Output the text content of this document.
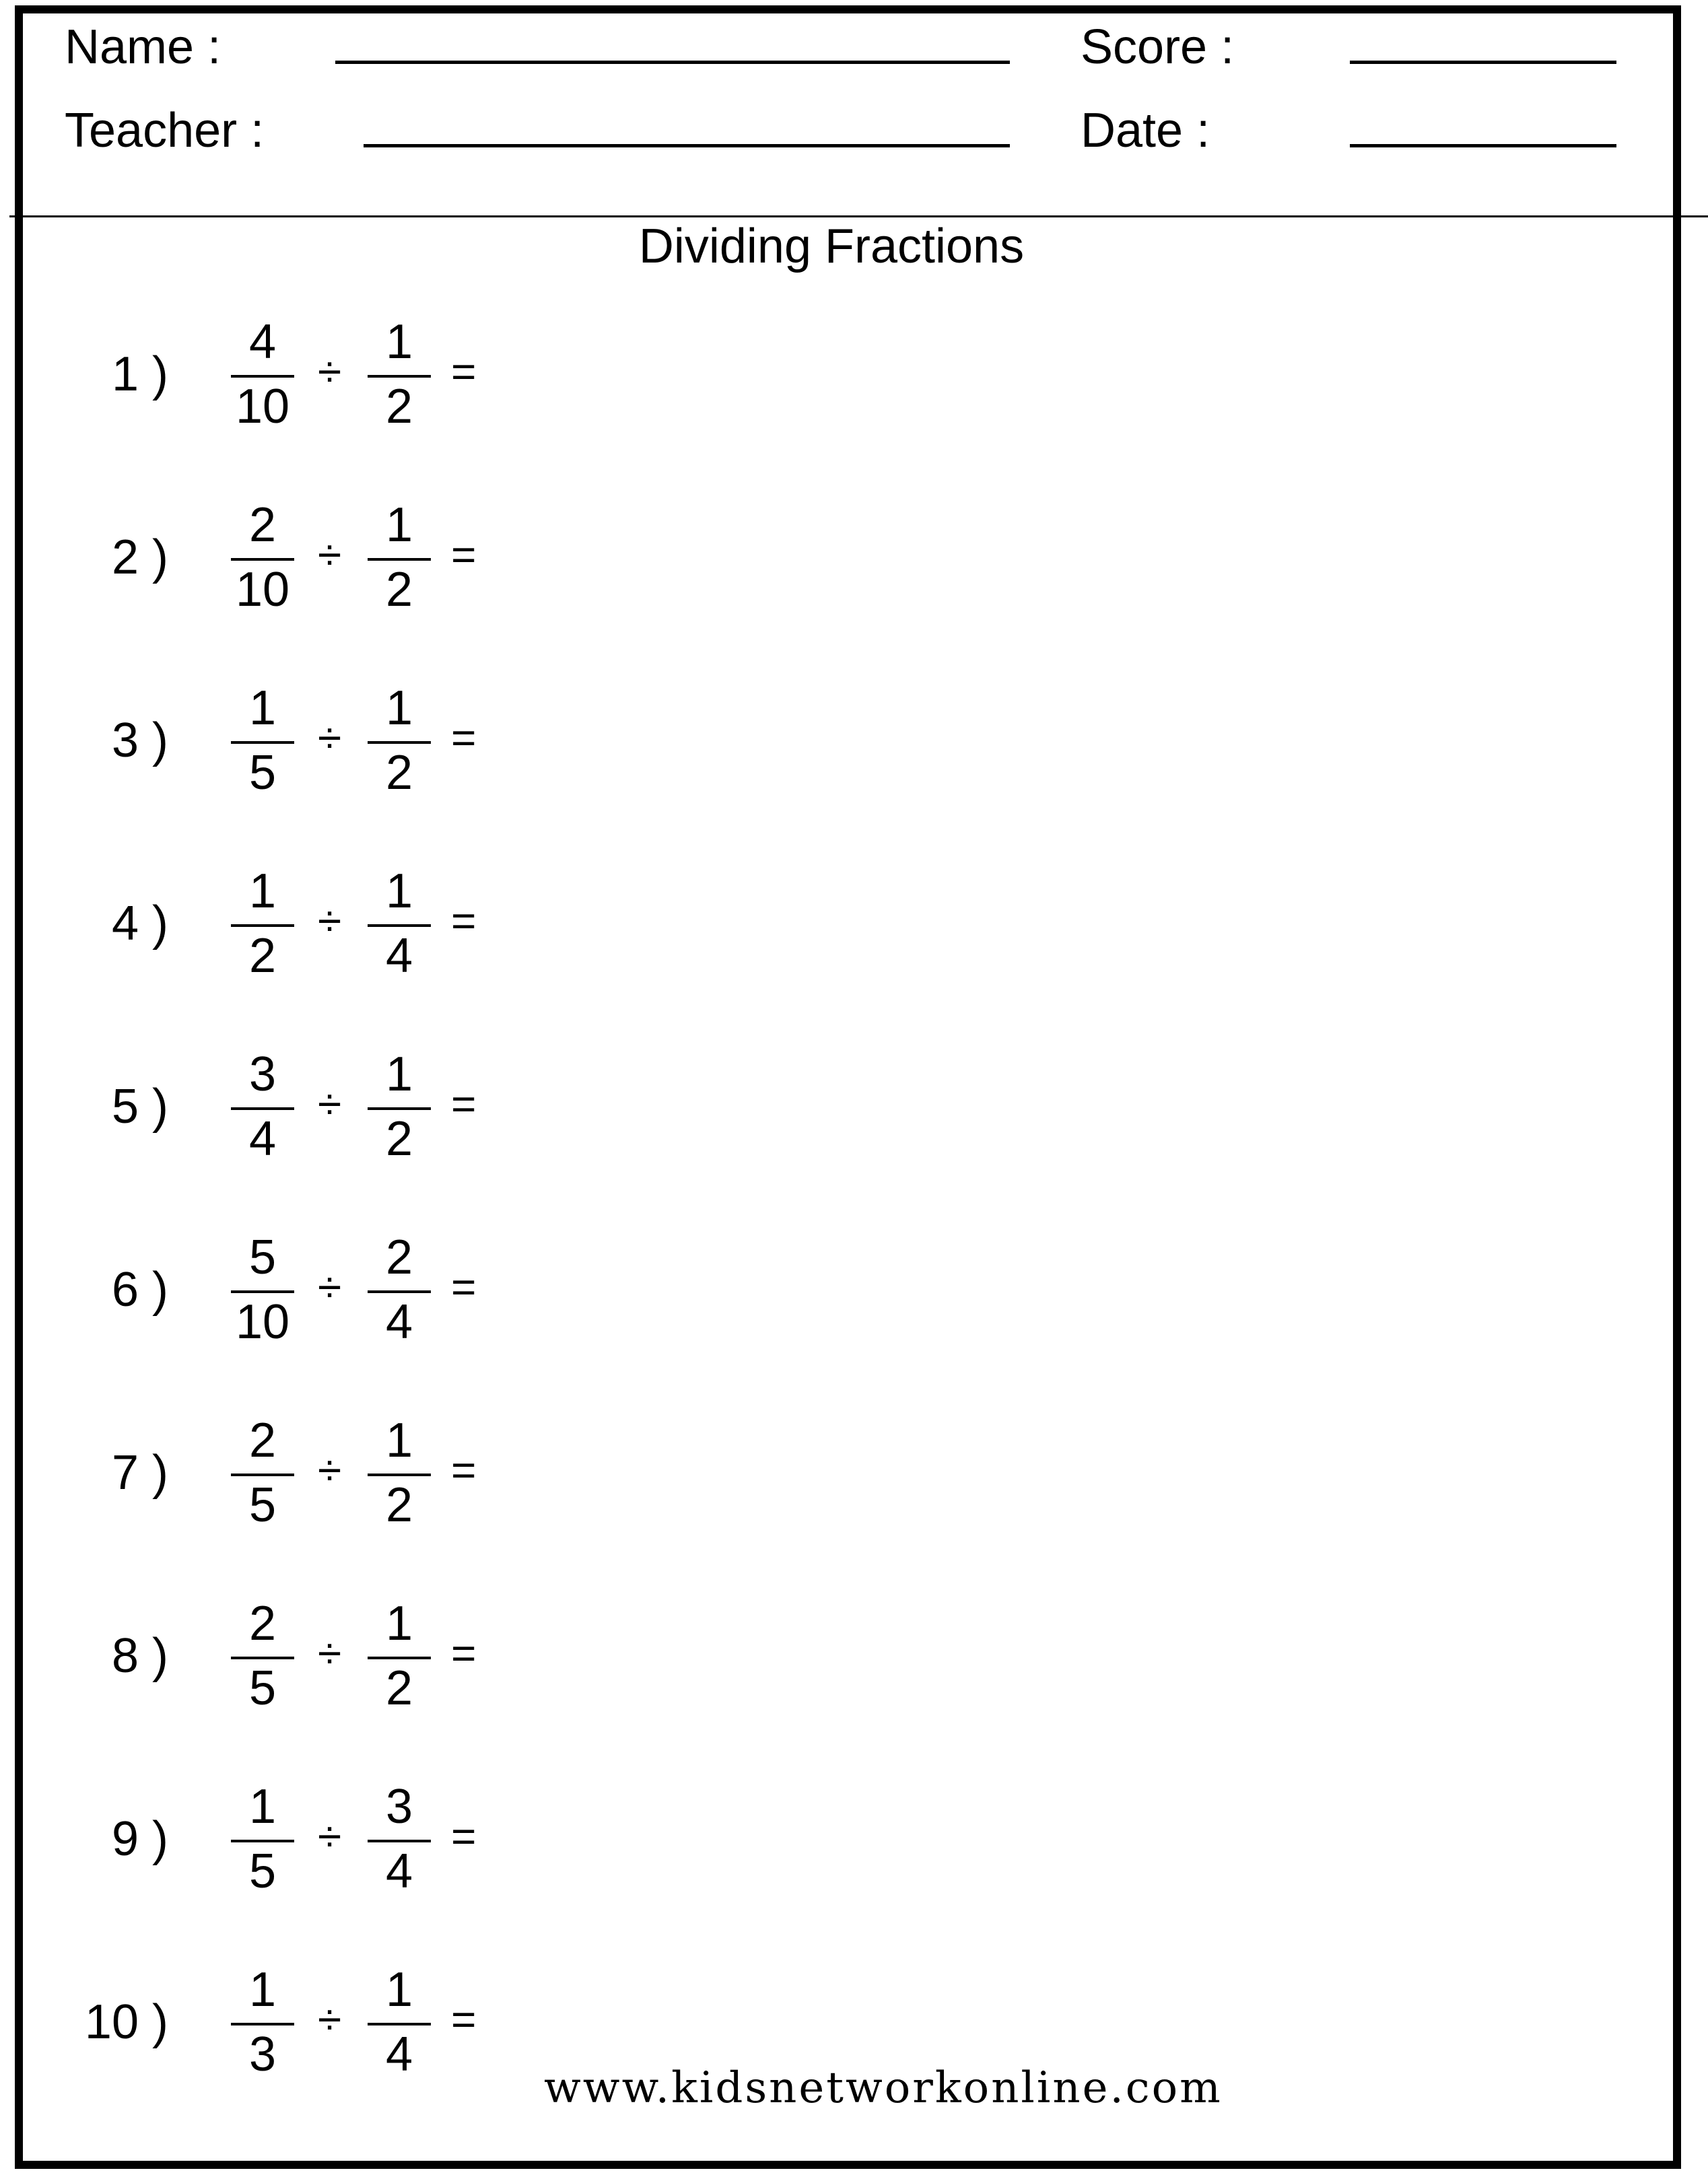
Name :
Teacher :
Score :
Date :
Dividing Fractions
1 )
4
10
÷
1
2
=
2 )
2
10
÷
1
2
=
3 )
1
5
÷
1
2
=
4 )
1
2
÷
1
4
=
5 )
3
4
÷
1
2
=
6 )
5
10
÷
2
4
=
7 )
2
5
÷
1
2
=
8 )
2
5
÷
1
2
=
9 )
1
5
÷
3
4
=
10 )
1
3
÷
1
4
=
www.kidsnetworkonline.com
